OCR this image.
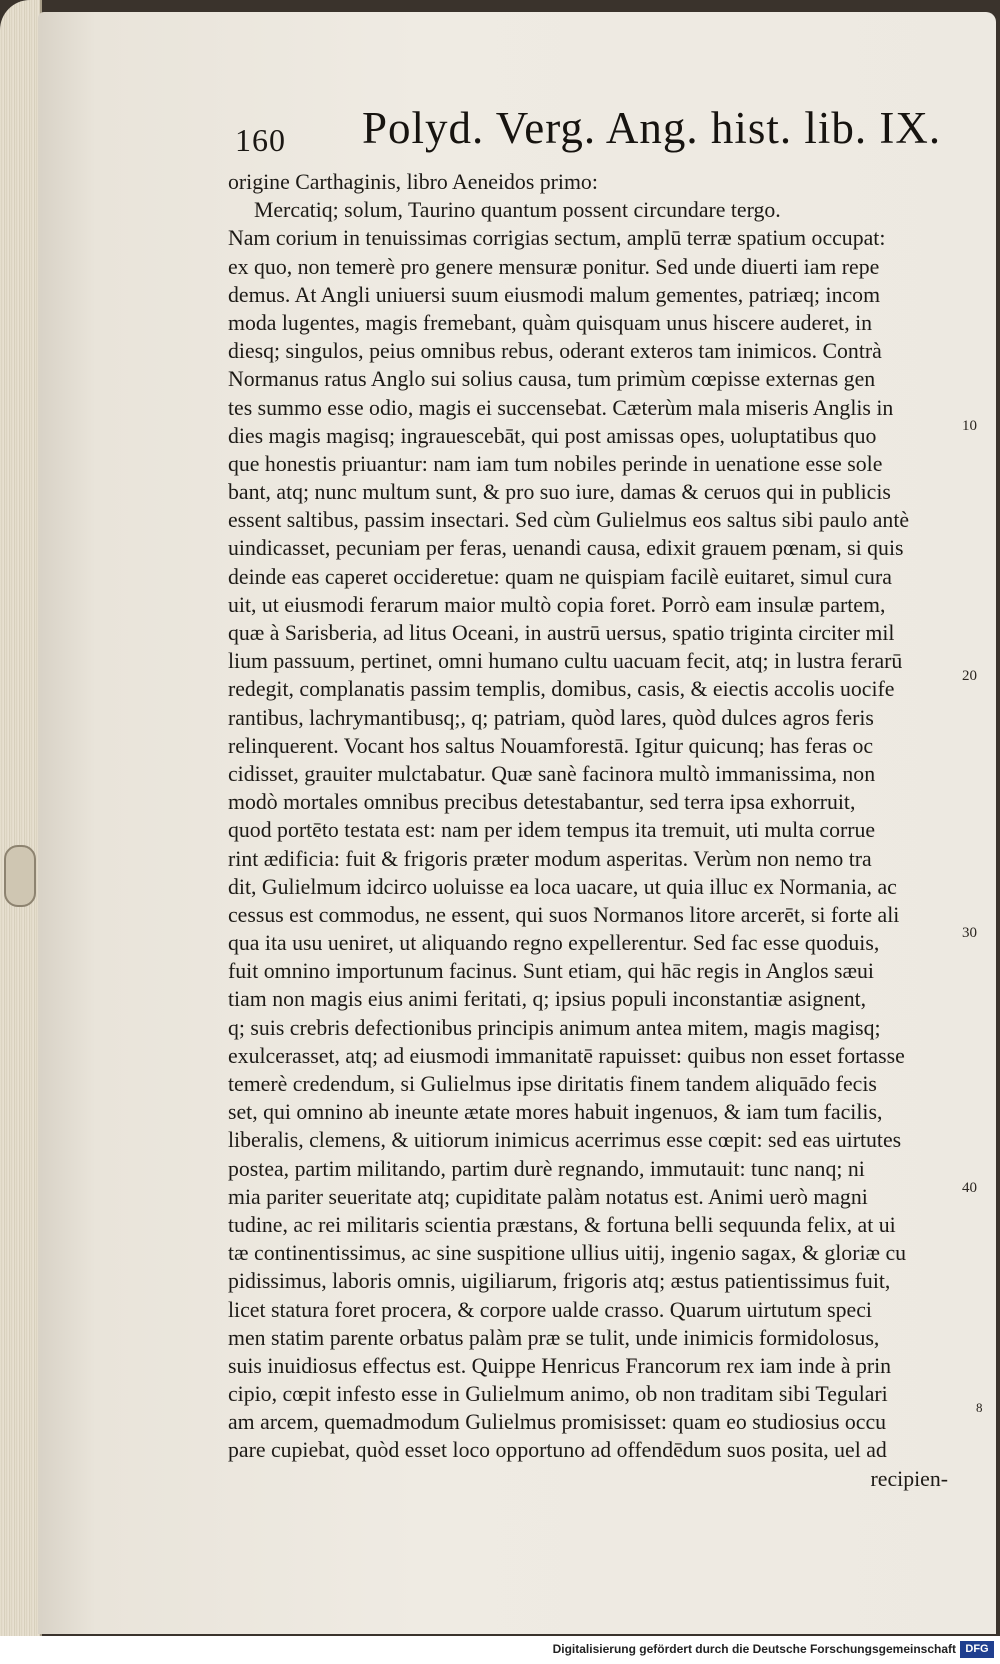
160 Polyd. Verg. Ang. hist. lib. IX.
origine Carthaginis, libro Aeneidos primo:
Mercatiq; solum, Taurino quantum possent circundare tergo.
Nam corium in tenuissimas corrigias sectum, amplū terræ spatium occupat:
ex quo, non temerè pro genere mensuræ ponitur. Sed unde diuerti iam repe
demus. At Angli uniuersi suum eiusmodi malum gementes, patriæq; incom
moda lugentes, magis fremebant, quàm quisquam unus hiscere auderet, in
diesq; singulos, peius omnibus rebus, oderant exteros tam inimicos. Contrà
Normanus ratus Anglo sui solius causa, tum primùm cœpisse externas gen
tes summo esse odio, magis ei succensebat. Cæterùm mala miseris Anglis in
dies magis magisq; ingrauescebāt, qui post amissas opes, uoluptatibus quo
que honestis priuantur: nam iam tum nobiles perinde in uenatione esse sole
bant, atq; nunc multum sunt, & pro suo iure, damas & ceruos qui in publicis
essent saltibus, passim insectari. Sed cùm Gulielmus eos saltus sibi paulo antè
uindicasset, pecuniam per feras, uenandi causa, edixit grauem pœnam, si quis
deinde eas caperet occideretue: quam ne quispiam facilè euitaret, simul cura
uit, ut eiusmodi ferarum maior multò copia foret. Porrò eam insulæ partem,
quæ à Sarisberia, ad litus Oceani, in austrū uersus, spatio triginta circiter mil
lium passuum, pertinet, omni humano cultu uacuam fecit, atq; in lustra ferarū
redegit, complanatis passim templis, domibus, casis, & eiectis accolis uocife
rantibus, lachrymantibusq;, q; patriam, quòd lares, quòd dulces agros feris
relinquerent. Vocant hos saltus Nouamforestā. Igitur quicunq; has feras oc
cidisset, grauiter mulctabatur. Quæ sanè facinora multò immanissima, non
modò mortales omnibus precibus detestabantur, sed terra ipsa exhorruit,
quod portēto testata est: nam per idem tempus ita tremuit, uti multa corrue
rint ædificia: fuit & frigoris præter modum asperitas. Verùm non nemo tra
dit, Gulielmum idcirco uoluisse ea loca uacare, ut quia illuc ex Normania, ac
cessus est commodus, ne essent, qui suos Normanos litore arcerēt, si forte ali
qua ita usu ueniret, ut aliquando regno expellerentur. Sed fac esse quoduis,
fuit omnino importunum facinus. Sunt etiam, qui hāc regis in Anglos sæui
tiam non magis eius animi feritati, q; ipsius populi inconstantiæ asignent,
q; suis crebris defectionibus principis animum antea mitem, magis magisq;
exulcerasset, atq; ad eiusmodi immanitatē rapuisset: quibus non esset fortasse
temerè credendum, si Gulielmus ipse diritatis finem tandem aliquādo fecis
set, qui omnino ab ineunte ætate mores habuit ingenuos, & iam tum facilis,
liberalis, clemens, & uitiorum inimicus acerrimus esse cœpit: sed eas uirtutes
postea, partim militando, partim durè regnando, immutauit: tunc nanq; ni
mia pariter seueritate atq; cupiditate palàm notatus est. Animi uerò magni
tudine, ac rei militaris scientia præstans, & fortuna belli sequunda felix, at ui
tæ continentissimus, ac sine suspitione ullius uitij, ingenio sagax, & gloriæ cu
pidissimus, laboris omnis, uigiliarum, frigoris atq; æstus patientissimus fuit,
licet statura foret procera, & corpore ualde crasso. Quarum uirtutum speci
men statim parente orbatus palàm præ se tulit, unde inimicis formidolosus,
suis inuidiosus effectus est. Quippe Henricus Francorum rex iam inde à prin
cipio, cœpit infesto esse in Gulielmum animo, ob non traditam sibi Tegulari
am arcem, quemadmodum Gulielmus promisisset: quam eo studiosius occu
pare cupiebat, quòd esset loco opportuno ad offendēdum suos posita, uel ad
recipien-
10
20
30
40
8
Digitalisierung gefördert durch die Deutsche Forschungsgemeinschaft DFG
